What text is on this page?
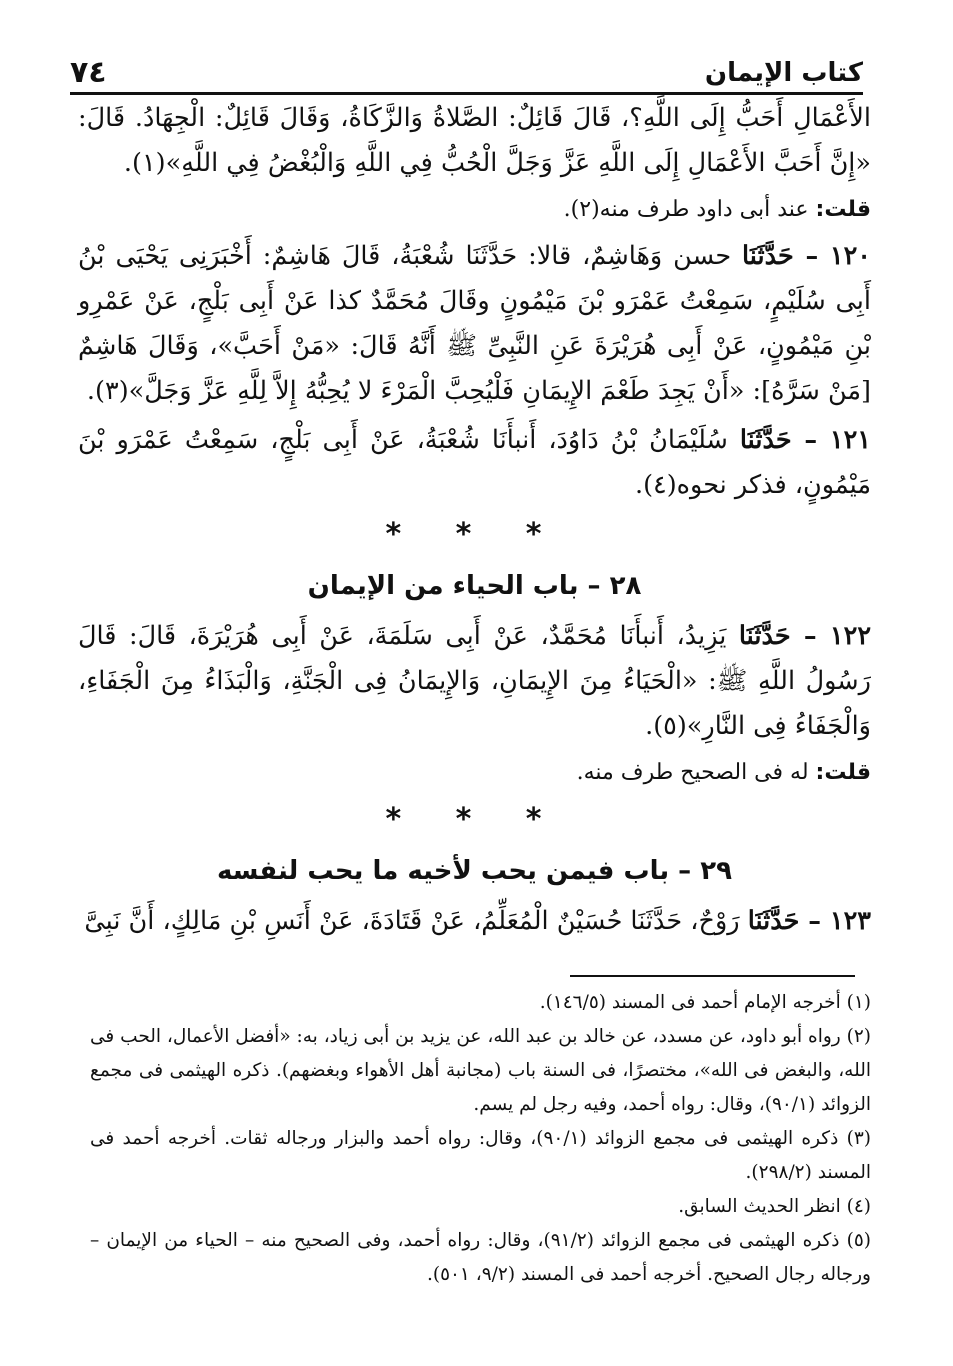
٧٤	كتاب الإيمان

الأَعْمَالِ أَحَبُّ إِلَى اللَّهِ؟، قَالَ قَائِلٌ: الصَّلاةُ وَالزَّكَاةُ، وَقَالَ قَائِلٌ: الْجِهَادُ. قَالَ: «إِنَّ أَحَبَّ الأَعْمَالِ إِلَى اللَّهِ عَزَّ وَجَلَّ الْحُبُّ فِي اللَّهِ وَالْبُغْضُ فِي اللَّهِ»(١).

قلت: عند أبى داود طرف منه(٢).

١٢٠ – حَدَّثَنَا حسن وَهَاشِمٌ، قالا: حَدَّثَنَا شُعْبَةُ، قَالَ هَاشِمٌ: أَخْبَرَنِى يَحْيَى بْنُ أَبِى سُلَيْمٍ، سَمِعْتُ عَمْرَو بْنَ مَيْمُونٍ وقَالَ مُحَمَّدٌ كذا عَنْ أَبِى بَلْجٍ، عَنْ عَمْرِو بْنِ مَيْمُونٍ، عَنْ أَبِى هُرَيْرَةَ عَنِ النَّبِىِّ ﷺ أَنَّهُ قَالَ: «مَنْ أَحَبَّ»، وَقَالَ هَاشِمٌ [مَنْ سَرَّهُ]: «أَنْ يَجِدَ طَعْمَ الإِيمَانِ فَلْيُحِبَّ الْمَرْءَ لا يُحِبُّهُ إِلاَّ لِلَّهِ عَزَّ وَجَلَّ»(٣).

١٢١ – حَدَّثَنَا سُلَيْمَانُ بْنُ دَاوُدَ، أَنبأَنَا شُعْبَةُ، عَنْ أَبِى بَلْجٍ، سَمِعْتُ عَمْرَو بْنَ مَيْمُونٍ، فذكر نحوه(٤).

* * *
٢٨ – باب الحياء من الإيمان

١٢٢ – حَدَّثَنَا يَزِيدُ، أَنبأَنَا مُحَمَّدٌ، عَنْ أَبِى سَلَمَةَ، عَنْ أَبِى هُرَيْرَةَ، قَالَ: قَالَ رَسُولُ اللَّهِ ﷺ: «الْحَيَاءُ مِنَ الإِيمَانِ، وَالإِيمَانُ فِى الْجَنَّةِ، وَالْبَذَاءُ مِنَ الْجَفَاءِ، وَالْجَفَاءُ فِى النَّارِ»(٥).

قلت: له فى الصحيح طرف منه.

* * *
٢٩ – باب فيمن يحب لأخيه ما يحب لنفسه

١٢٣ – حَدَّثَنَا رَوْحٌ، حَدَّثَنَا حُسَيْنٌ الْمُعَلِّمُ، عَنْ قَتَادَةَ، عَنْ أَنَسِ بْنِ مَالِكٍ، أَنَّ نَبِىَّ

(١) أخرجه الإمام أحمد فى المسند (١٤٦/٥).

(٢) رواه أبو داود، عن مسدد، عن خالد بن عبد الله، عن يزيد بن أبى زياد، به: «أفضل الأعمال، الحب فى الله، والبغض فى الله»، مختصرًا، فى السنة باب (مجانبة أهل الأهواء وبغضهم). ذكره الهيثمى فى مجمع الزوائد (٩٠/١)، وقال: رواه أحمد، وفيه رجل لم يسم.

(٣) ذكره الهيثمى فى مجمع الزوائد (٩٠/١)، وقال: رواه أحمد والبزار ورجاله ثقات. أخرجه أحمد فى المسند (٢٩٨/٢).

(٤) انظر الحديث السابق.

(٥) ذكره الهيثمى فى مجمع الزوائد (٩١/٢)، وقال: رواه أحمد، وفى الصحيح منه – الحياء من الإيمان – ورجاله رجال الصحيح. أخرجه أحمد فى المسند (٩/٢، ٥٠١).
